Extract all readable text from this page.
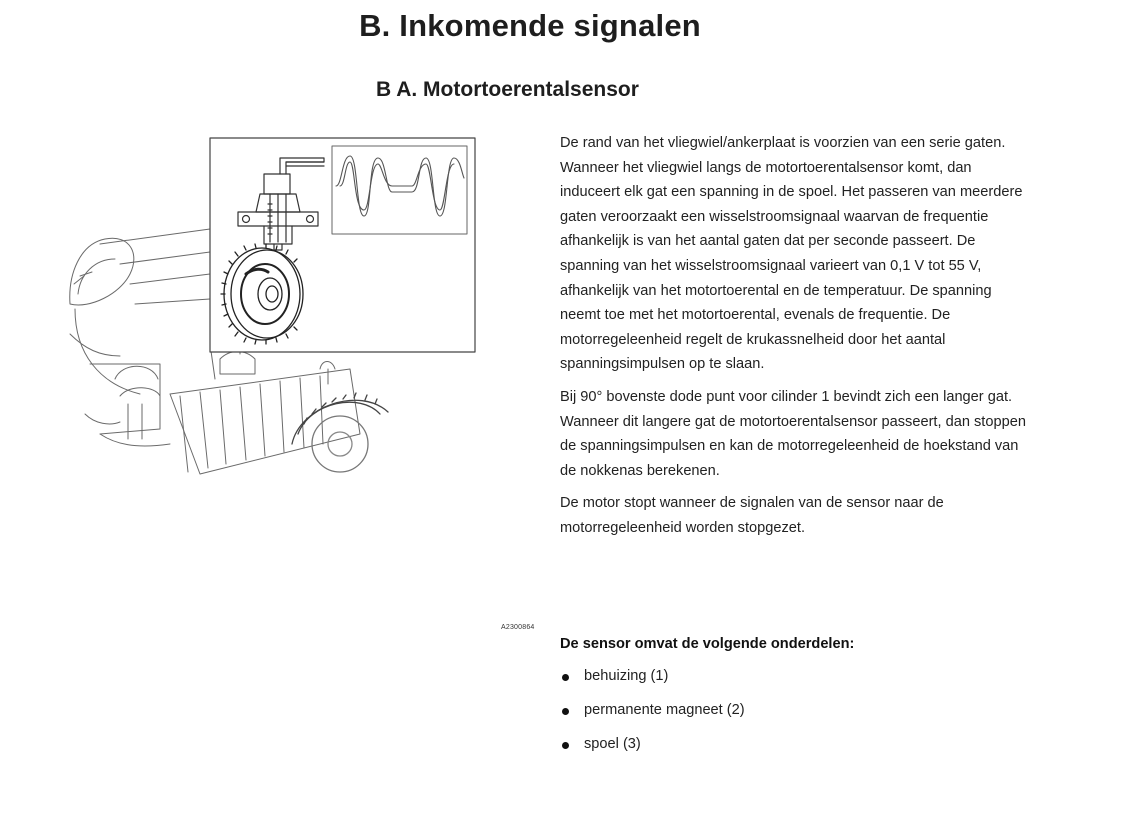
B. Inkomende signalen
B A. Motortoerentalsensor
A2300864

De rand van het vliegwiel/ankerplaat is voorzien van een serie gaten. Wanneer het vliegwiel langs de motortoerentalsensor komt, dan induceert elk gat een spanning in de spoel. Het passeren van meerdere gaten veroorzaakt een wisselstroomsignaal waarvan de frequentie afhankelijk is van het aantal gaten dat per seconde passeert. De spanning van het wisselstroomsignaal varieert van 0,1 V tot 55 V, afhankelijk van het motortoerental en de temperatuur. De spanning neemt toe met het motortoerental, evenals de frequentie. De motorregeleenheid regelt de krukassnelheid door het aantal spanningsimpulsen op te slaan.

Bij 90° bovenste dode punt voor cilinder 1 bevindt zich een langer gat. Wanneer dit langere gat de motortoerentalsensor passeert, dan stoppen de spanningsimpulsen en kan de motorregeleenheid de hoekstand van de nokkenas berekenen.

De motor stopt wanneer de signalen van de sensor naar de motorregeleenheid worden stopgezet.

De sensor omvat de volgende onderdelen:
behuizing (1)
permanente magneet (2)
spoel (3)
